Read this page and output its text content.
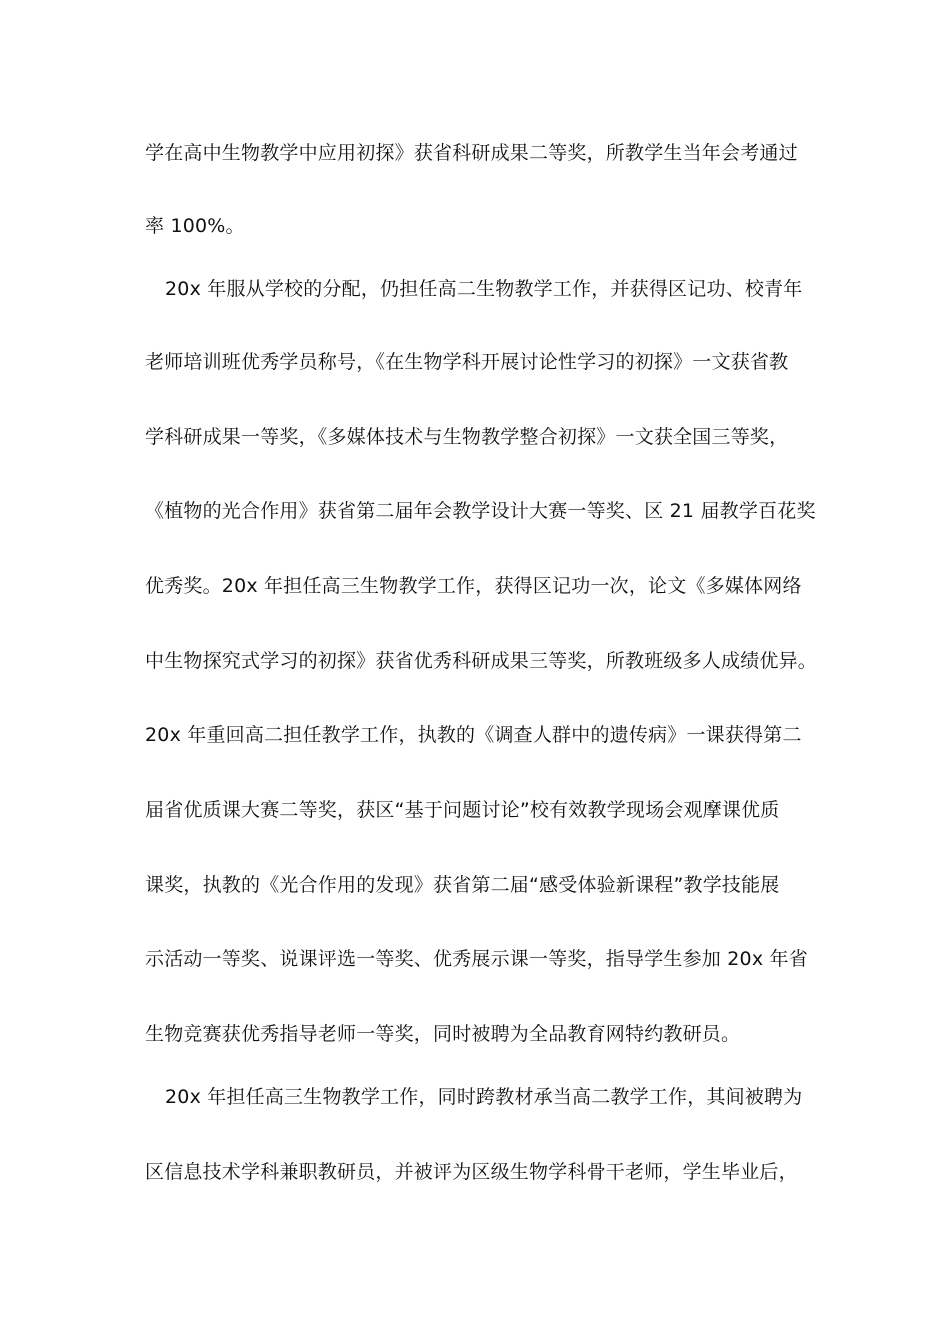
学在高中生物教学中应用初探》获省科研成果二等奖，所教学生当年会考通过
率 100%。
20x 年服从学校的分配，仍担任高二生物教学工作，并获得区记功、校青年
老师培训班优秀学员称号，《在生物学科开展讨论性学习的初探》一文获省教
学科研成果一等奖，《多媒体技术与生物教学整合初探》一文获全国三等奖，
《植物的光合作用》获省第二届年会教学设计大赛一等奖、区 21 届教学百花奖
优秀奖。20x 年担任高三生物教学工作，获得区记功一次，论文《多媒体网络
中生物探究式学习的初探》获省优秀科研成果三等奖，所教班级多人成绩优异。
20x 年重回高二担任教学工作，执教的《调查人群中的遗传病》一课获得第二
届省优质课大赛二等奖，获区“基于问题讨论”校有效教学现场会观摩课优质
课奖，执教的《光合作用的发现》获省第二届“感受体验新课程”教学技能展
示活动一等奖、说课评选一等奖、优秀展示课一等奖，指导学生参加 20x 年省
生物竞赛获优秀指导老师一等奖，同时被聘为全品教育网特约教研员。
20x 年担任高三生物教学工作，同时跨教材承当高二教学工作，其间被聘为
区信息技术学科兼职教研员，并被评为区级生物学科骨干老师，学生毕业后，
